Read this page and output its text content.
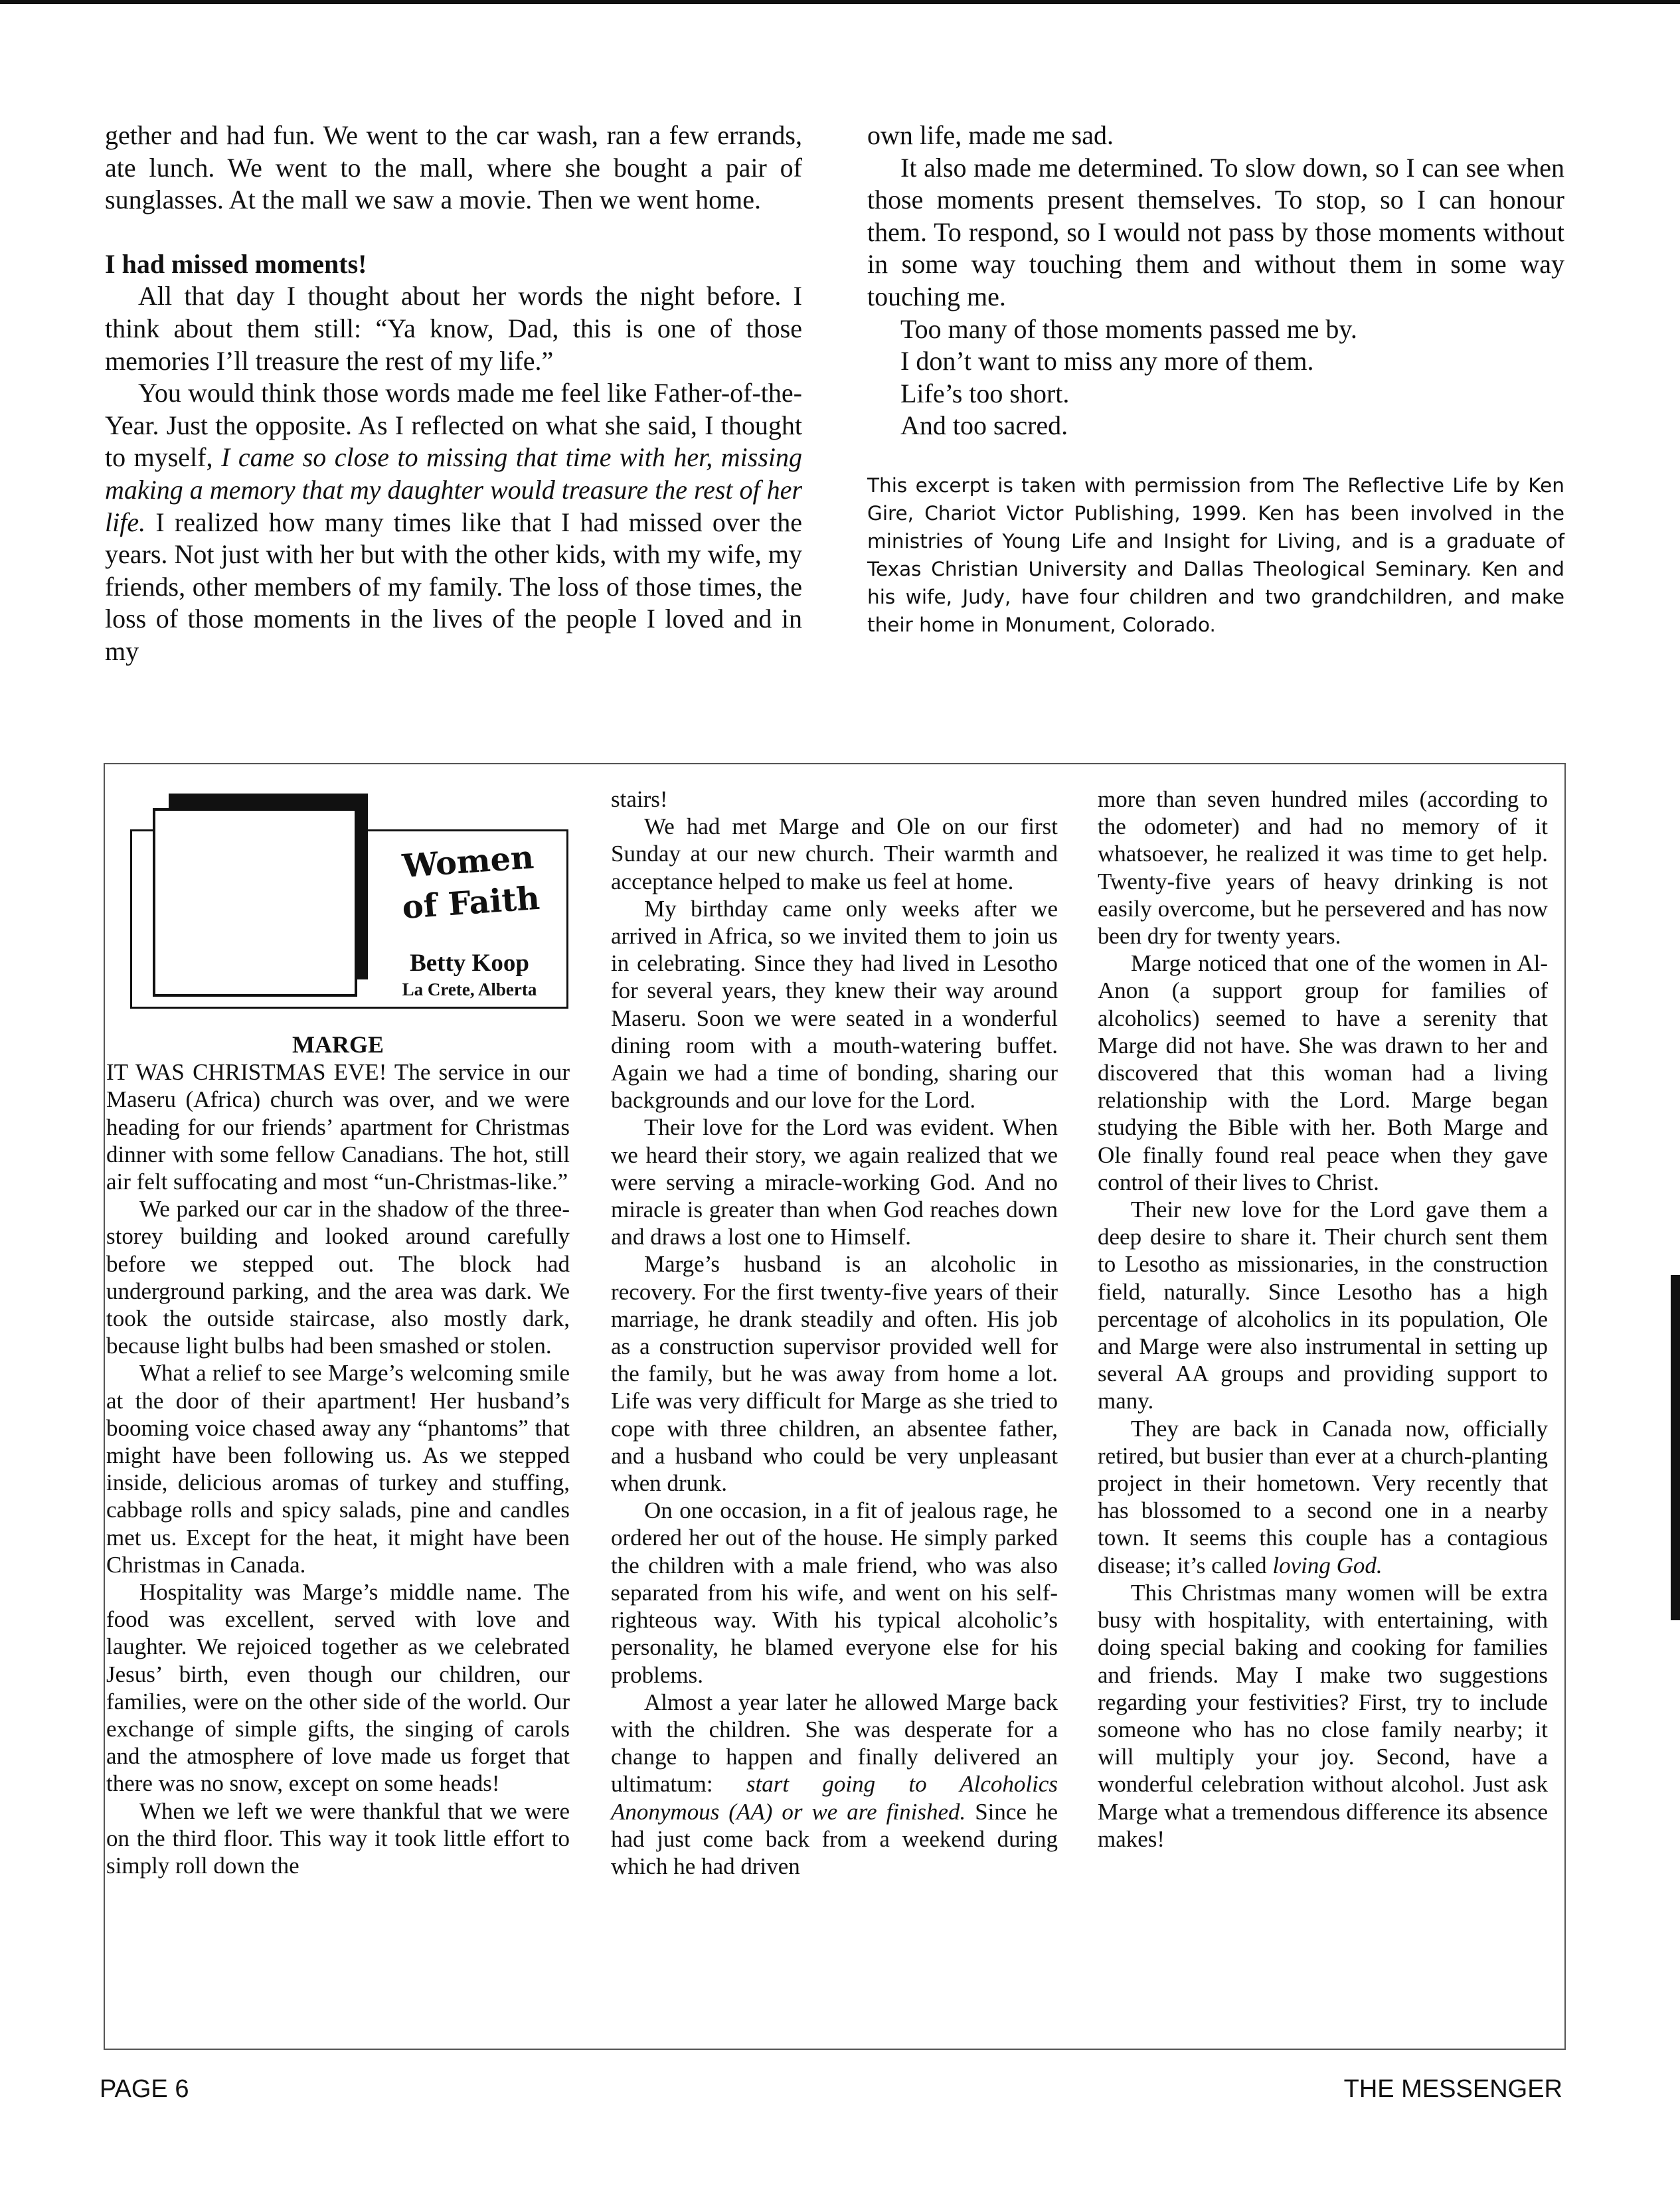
gether and had fun. We went to the car wash, ran a few errands, ate lunch. We went to the mall, where she bought a pair of sunglasses. At the mall we saw a movie. Then we went home.

I had missed moments!

All that day I thought about her words the night before. I think about them still: “Ya know, Dad, this is one of those memories I’ll treasure the rest of my life.”

You would think those words made me feel like Father-of-the-Year. Just the opposite. As I reflected on what she said, I thought to myself, I came so close to missing that time with her, missing making a memory that my daughter would treasure the rest of her life. I realized how many times like that I had missed over the years. Not just with her but with the other kids, with my wife, my friends, other members of my family. The loss of those times, the loss of those moments in the lives of the people I loved and in my

own life, made me sad.

It also made me determined. To slow down, so I can see when those moments present themselves. To stop, so I can honour them. To respond, so I would not pass by those moments without in some way touching them and without them in some way touching me.

Too many of those moments passed me by.

I don’t want to miss any more of them.

Life’s too short.

And too sacred.

This excerpt is taken with permission from The Reflective Life by Ken Gire, Chariot Victor Publishing, 1999. Ken has been involved in the ministries of Young Life and Insight for Living, and is a graduate of Texas Christian University and Dallas Theological Seminary. Ken and his wife, Judy, have four children and two grandchildren, and make their home in Monument, Colorado.

Women
of Faith
Betty Koop
La Crete, Alberta

MARGE

IT WAS CHRISTMAS EVE! The service in our Maseru (Africa) church was over, and we were heading for our friends’ apartment for Christmas dinner with some fellow Canadians. The hot, still air felt suffocating and most “un-Christmas-like.”

We parked our car in the shadow of the three-storey building and looked around carefully before we stepped out. The block had underground parking, and the area was dark. We took the outside staircase, also mostly dark, because light bulbs had been smashed or stolen.

What a relief to see Marge’s welcoming smile at the door of their apartment! Her husband’s booming voice chased away any “phantoms” that might have been following us. As we stepped inside, delicious aromas of turkey and stuffing, cabbage rolls and spicy salads, pine and candles met us. Except for the heat, it might have been Christmas in Canada.

Hospitality was Marge’s middle name. The food was excellent, served with love and laughter. We rejoiced together as we celebrated Jesus’ birth, even though our children, our families, were on the other side of the world. Our exchange of simple gifts, the singing of carols and the atmosphere of love made us forget that there was no snow, except on some heads!

When we left we were thankful that we were on the third floor. This way it took little effort to simply roll down the

stairs!

We had met Marge and Ole on our first Sunday at our new church. Their warmth and acceptance helped to make us feel at home.

My birthday came only weeks after we arrived in Africa, so we invited them to join us in celebrating. Since they had lived in Lesotho for several years, they knew their way around Maseru. Soon we were seated in a wonderful dining room with a mouth-watering buffet. Again we had a time of bonding, sharing our backgrounds and our love for the Lord.

Their love for the Lord was evident. When we heard their story, we again realized that we were serving a miracle-working God. And no miracle is greater than when God reaches down and draws a lost one to Himself.

Marge’s husband is an alcoholic in recovery. For the first twenty-five years of their marriage, he drank steadily and often. His job as a construction supervisor provided well for the family, but he was away from home a lot. Life was very difficult for Marge as she tried to cope with three children, an absentee father, and a husband who could be very unpleasant when drunk.

On one occasion, in a fit of jealous rage, he ordered her out of the house. He simply parked the children with a male friend, who was also separated from his wife, and went on his self-righteous way. With his typical alcoholic’s personality, he blamed everyone else for his problems.

Almost a year later he allowed Marge back with the children. She was desperate for a change to happen and finally delivered an ultimatum: start going to Alcoholics Anonymous (AA) or we are finished. Since he had just come back from a weekend during which he had driven

more than seven hundred miles (according to the odometer) and had no memory of it whatsoever, he realized it was time to get help. Twenty-five years of heavy drinking is not easily overcome, but he persevered and has now been dry for twenty years.

Marge noticed that one of the women in Al-Anon (a support group for families of alcoholics) seemed to have a serenity that Marge did not have. She was drawn to her and discovered that this woman had a living relationship with the Lord. Marge began studying the Bible with her. Both Marge and Ole finally found real peace when they gave control of their lives to Christ.

Their new love for the Lord gave them a deep desire to share it. Their church sent them to Lesotho as missionaries, in the construction field, naturally. Since Lesotho has a high percentage of alcoholics in its population, Ole and Marge were also instrumental in setting up several AA groups and providing support to many.

They are back in Canada now, officially retired, but busier than ever at a church-planting project in their hometown. Very recently that has blossomed to a second one in a nearby town. It seems this couple has a contagious disease; it’s called loving God.

This Christmas many women will be extra busy with hospitality, with entertaining, with doing special baking and cooking for families and friends. May I make two suggestions regarding your festivities? First, try to include someone who has no close family nearby; it will multiply your joy. Second, have a wonderful celebration without alcohol. Just ask Marge what a tremendous difference its absence makes!

PAGE 6	THE MESSENGER
